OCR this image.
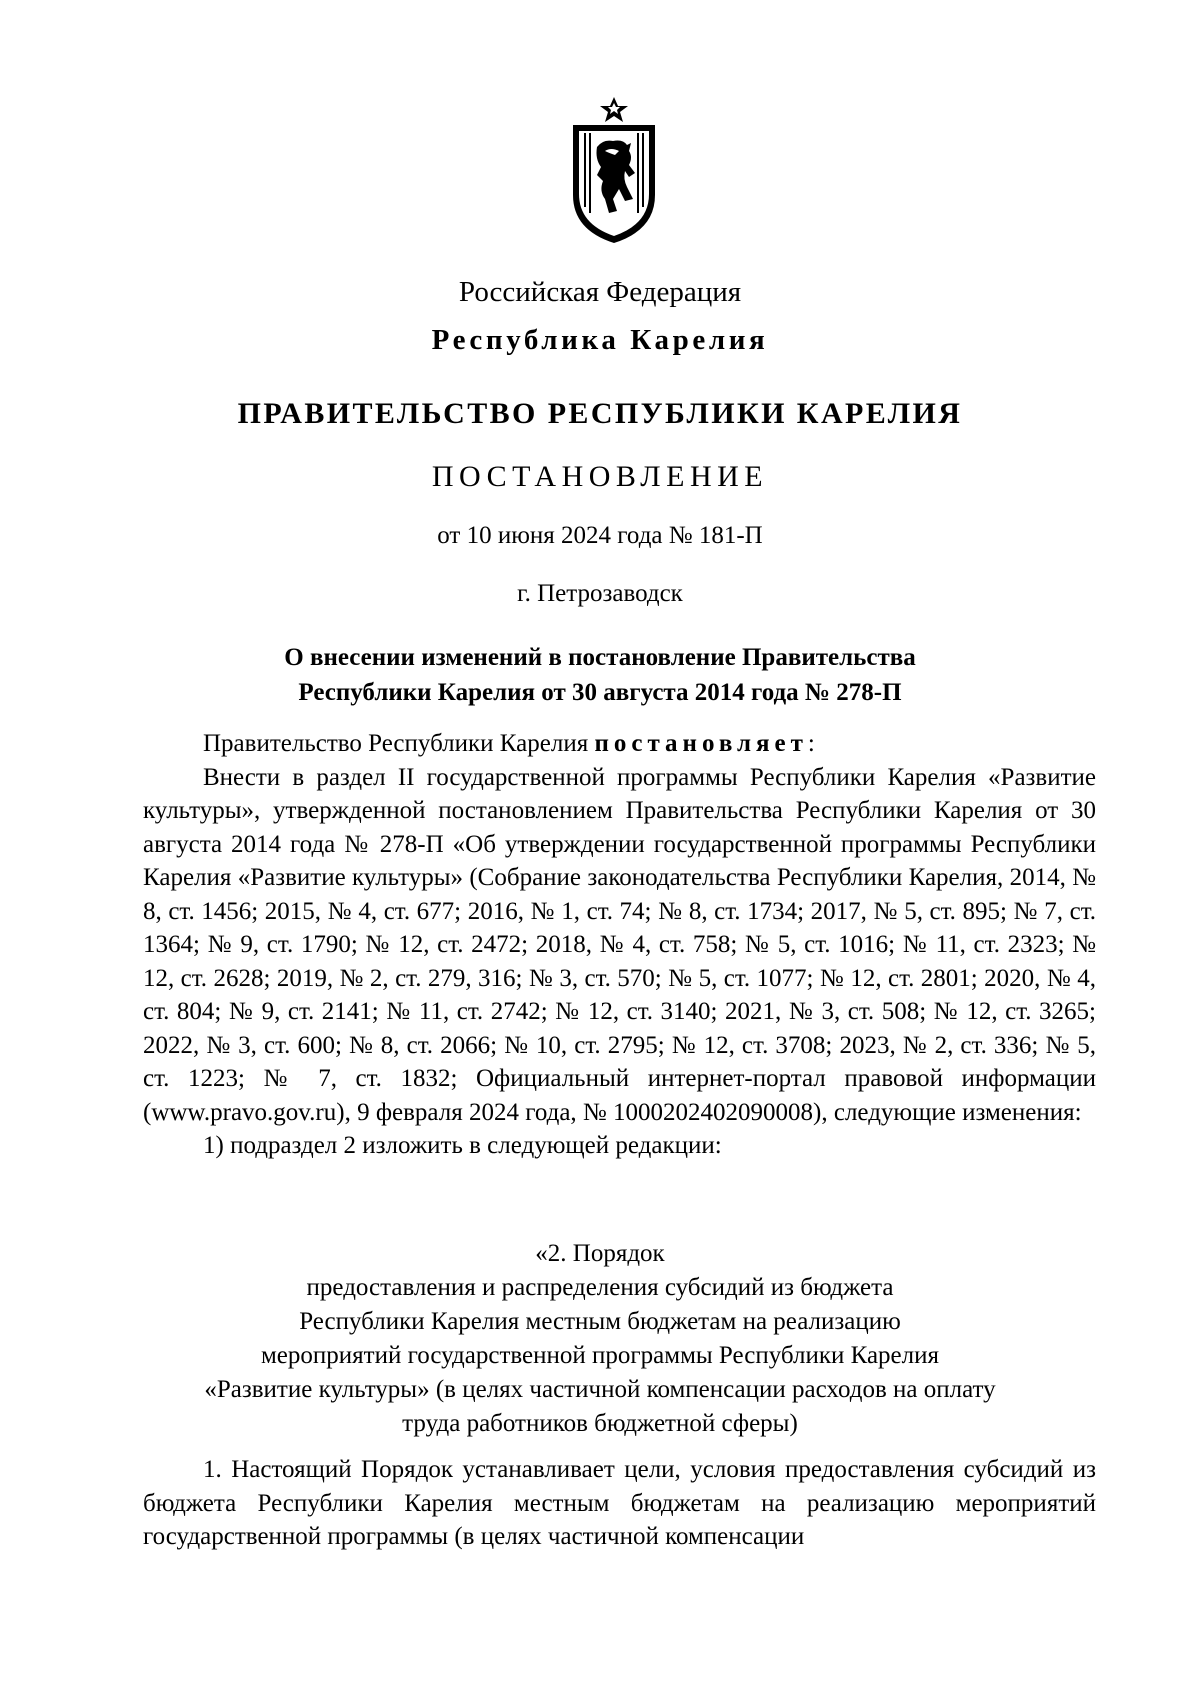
Российская Федерация
Республика Карелия
ПРАВИТЕЛЬСТВО РЕСПУБЛИКИ КАРЕЛИЯ
ПОСТАНОВЛЕНИЕ
от 10 июня 2024 года № 181-П
г. Петрозаводск
О внесении изменений в постановление Правительства
Республики Карелия от 30 августа 2014 года № 278-П

Правительство Республики Карелия постановляет:

Внести в раздел II государственной программы Республики Карелия «Развитие культуры», утвержденной постановлением Правительства Республики Карелия от 30 августа 2014 года № 278-П «Об утверждении государственной программы Республики Карелия «Развитие культуры» (Собрание законодательства Республики Карелия, 2014, № 8, ст. 1456; 2015, № 4, ст. 677; 2016, № 1, ст. 74; № 8, ст. 1734; 2017, № 5, ст. 895; № 7, ст. 1364; № 9, ст. 1790; № 12, ст. 2472; 2018, № 4, ст. 758; № 5, ст. 1016; № 11, ст. 2323; № 12, ст. 2628; 2019, № 2, ст. 279, 316; № 3, ст. 570; № 5, ст. 1077; № 12, ст. 2801; 2020, № 4, ст. 804; № 9, ст. 2141; № 11, ст. 2742; № 12, ст. 3140; 2021, № 3, ст. 508; № 12, ст. 3265; 2022, № 3, ст. 600; № 8, ст. 2066; № 10, ст. 2795; № 12, ст. 3708; 2023, № 2, ст. 336; № 5, ст. 1223; № 7, ст. 1832; Официальный интернет-портал правовой информации (www.pravo.gov.ru), 9 февраля 2024 года, № 1000202402090008), следующие изменения:

1) подраздел 2 изложить в следующей редакции:

«2. Порядок
предоставления и распределения субсидий из бюджета
Республики Карелия местным бюджетам на реализацию
мероприятий государственной программы Республики Карелия
«Развитие культуры» (в целях частичной компенсации расходов на оплату
труда работников бюджетной сферы)

1. Настоящий Порядок устанавливает цели, условия предоставления субсидий из бюджета Республики Карелия местным бюджетам на реализацию мероприятий государственной программы (в целях частичной компенсации
